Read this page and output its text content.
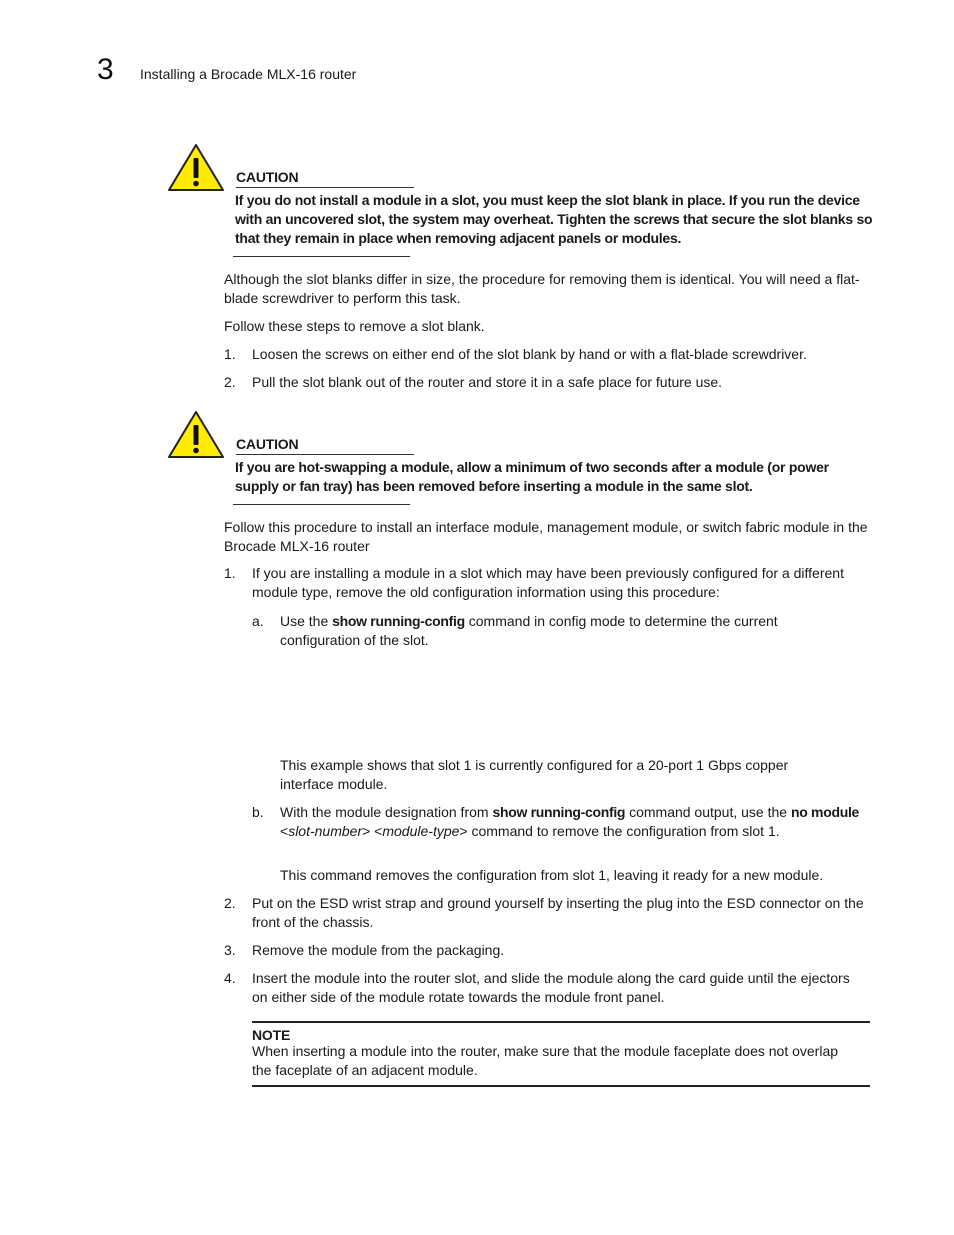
3 Installing a Brocade MLX-16 router
CAUTION
If you do not install a module in a slot, you must keep the slot blank in place. If you run the device with an uncovered slot, the system may overheat. Tighten the screws that secure the slot blanks so that they remain in place when removing adjacent panels or modules.
Although the slot blanks differ in size, the procedure for removing them is identical. You will need a flat-blade screwdriver to perform this task.
Follow these steps to remove a slot blank.
1.	Loosen the screws on either end of the slot blank by hand or with a flat-blade screwdriver.
2.	Pull the slot blank out of the router and store it in a safe place for future use.
CAUTION
If you are hot-swapping a module, allow a minimum of two seconds after a module (or power supply or fan tray) has been removed before inserting a module in the same slot.
Follow this procedure to install an interface module, management module, or switch fabric module in the Brocade MLX-16 router
1.	If you are installing a module in a slot which may have been previously configured for a different module type, remove the old configuration information using this procedure:
a.	Use the show running-config command in config mode to determine the current configuration of the slot.
This example shows that slot 1 is currently configured for a 20-port 1 Gbps copper interface module.
b.	With the module designation from show running-config command output, use the no module <slot-number> <module-type> command to remove the configuration from slot 1.
This command removes the configuration from slot 1, leaving it ready for a new module.
2.	Put on the ESD wrist strap and ground yourself by inserting the plug into the ESD connector on the front of the chassis.
3.	Remove the module from the packaging.
4.	Insert the module into the router slot, and slide the module along the card guide until the ejectors on either side of the module rotate towards the module front panel.
NOTE
When inserting a module into the router, make sure that the module faceplate does not overlap the faceplate of an adjacent module.
